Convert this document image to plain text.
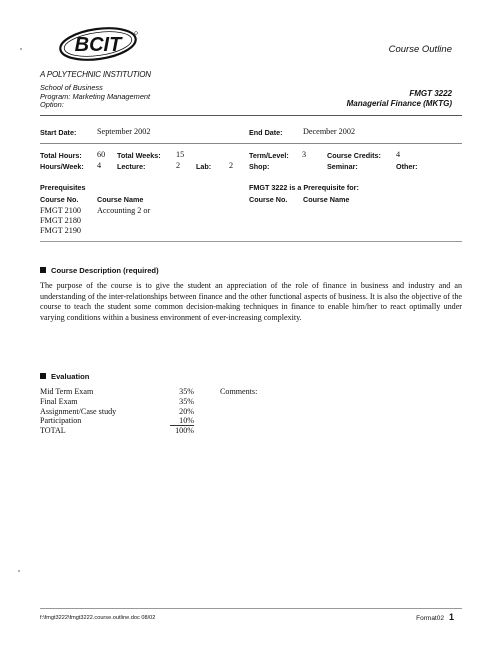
BCIT
A POLYTECHNIC INSTITUTION
Course Outline
School of Business
Program: Marketing Management
Option:
FMGT 3222
Managerial Finance (MKTG)
Start Date:	September 2002	End Date: December 2002
Total Hours: 60 Total Weeks: 15	Term/Level: 3	Course Credits: 4
Hours/Week: 4 Lecture:	2 Lab: 2 Shop:	Seminar:	Other:
Prerequisites
Course No.	Course Name
FMGT 2100 Accounting 2 or
FMGT 2180
FMGT 2190
FMGT 3222 is a Prerequisite for:
Course No. Course Name
Course Description (required)
The purpose of the course is to give the student an appreciation of the role of finance in business and industry and an understanding of the inter-relationships between finance and the other functional aspects of business. It is also the objective of the course to teach the student some common decision-making techniques in finance to enable him/her to react optimally under varying conditions within a business environment of ever-increasing complexity.
Evaluation
Mid Term Exam	35%
Final Exam	35%
Assignment/Case study	20%
Participation	10%
TOTAL	100%
Comments:
f:\fmgt3222\fmgt3222.course.outline.doc 08/02	Format02 1
